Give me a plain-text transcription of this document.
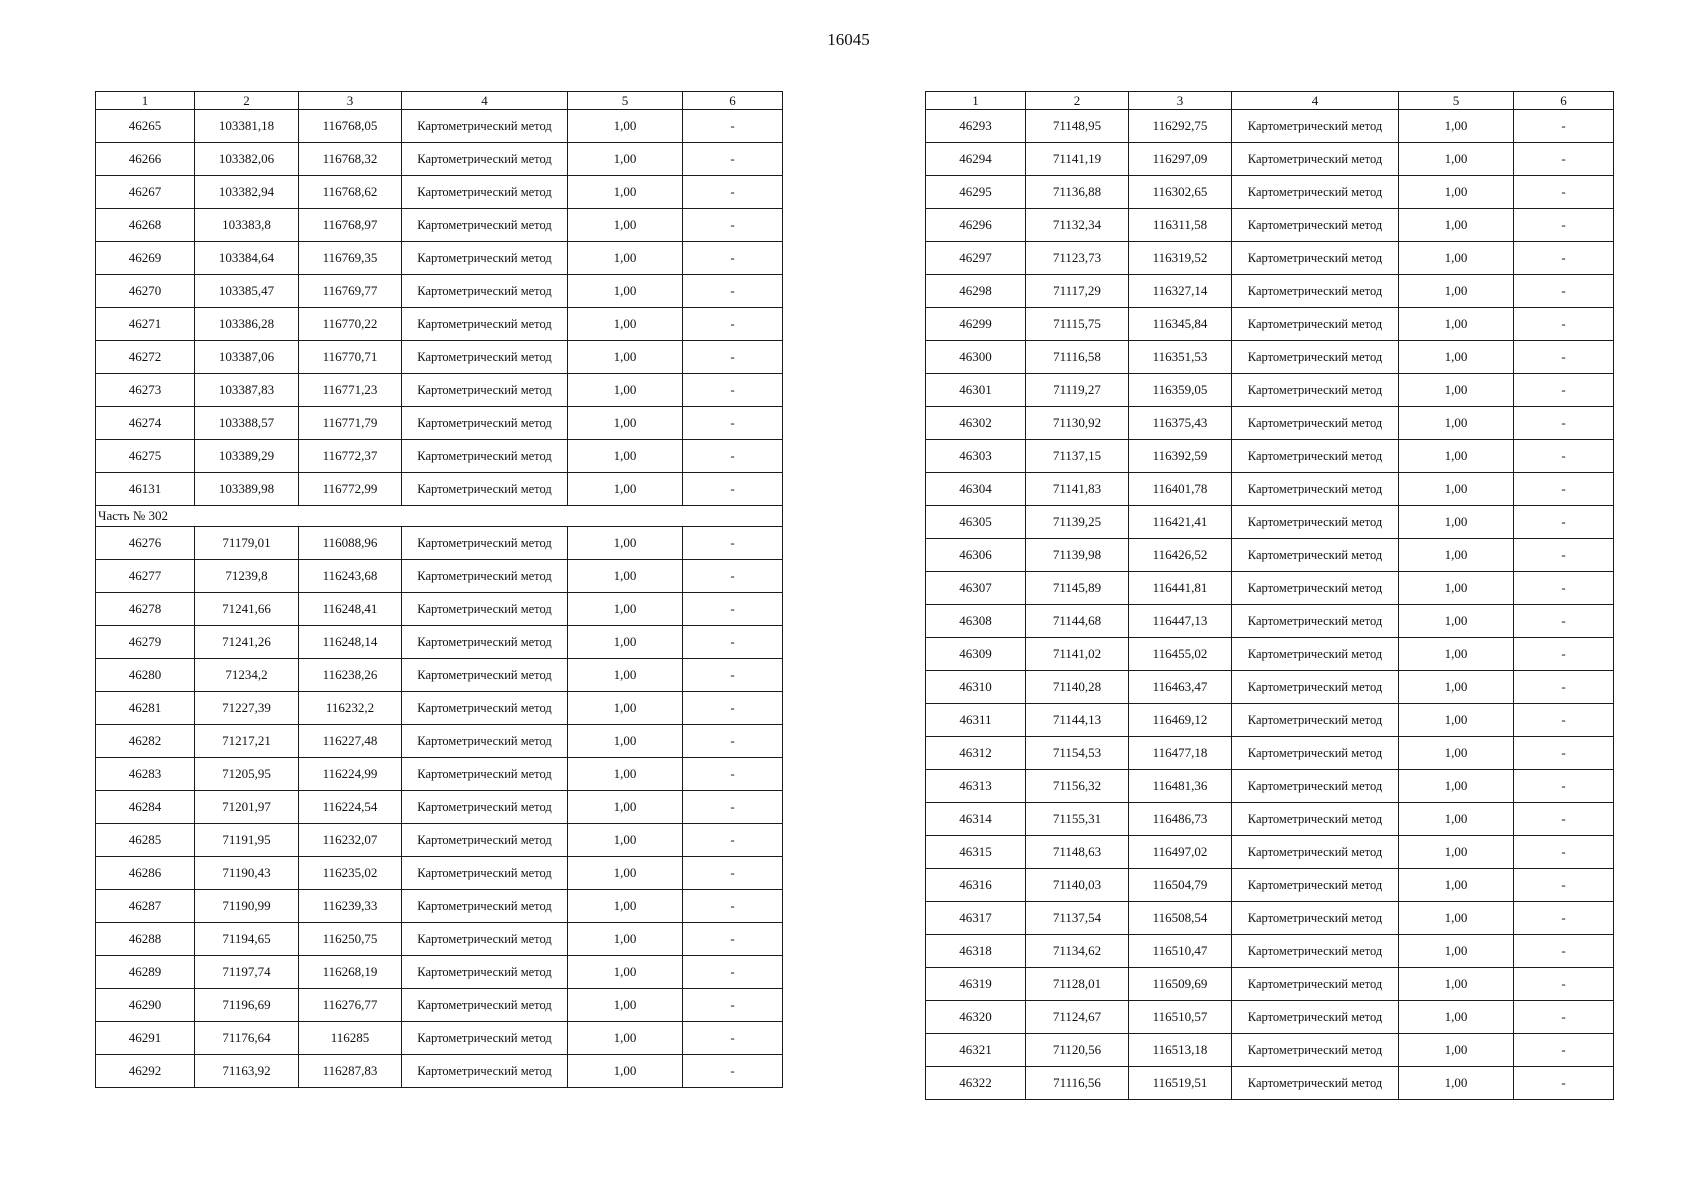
16045
1	2	3	4	5	6
46265	103381,18	116768,05	Картометрический метод	1,00	-
46266	103382,06	116768,32	Картометрический метод	1,00	-
46267	103382,94	116768,62	Картометрический метод	1,00	-
46268	103383,8	116768,97	Картометрический метод	1,00	-
46269	103384,64	116769,35	Картометрический метод	1,00	-
46270	103385,47	116769,77	Картометрический метод	1,00	-
46271	103386,28	116770,22	Картометрический метод	1,00	-
46272	103387,06	116770,71	Картометрический метод	1,00	-
46273	103387,83	116771,23	Картометрический метод	1,00	-
46274	103388,57	116771,79	Картометрический метод	1,00	-
46275	103389,29	116772,37	Картометрический метод	1,00	-
46131	103389,98	116772,99	Картометрический метод	1,00	-
Часть № 302					
46276	71179,01	116088,96	Картометрический метод	1,00	-
46277	71239,8	116243,68	Картометрический метод	1,00	-
46278	71241,66	116248,41	Картометрический метод	1,00	-
46279	71241,26	116248,14	Картометрический метод	1,00	-
46280	71234,2	116238,26	Картометрический метод	1,00	-
46281	71227,39	116232,2	Картометрический метод	1,00	-
46282	71217,21	116227,48	Картометрический метод	1,00	-
46283	71205,95	116224,99	Картометрический метод	1,00	-
46284	71201,97	116224,54	Картометрический метод	1,00	-
46285	71191,95	116232,07	Картометрический метод	1,00	-
46286	71190,43	116235,02	Картометрический метод	1,00	-
46287	71190,99	116239,33	Картометрический метод	1,00	-
46288	71194,65	116250,75	Картометрический метод	1,00	-
46289	71197,74	116268,19	Картометрический метод	1,00	-
46290	71196,69	116276,77	Картометрический метод	1,00	-
46291	71176,64	116285	Картометрический метод	1,00	-
46292	71163,92	116287,83	Картометрический метод	1,00	-
1	2	3	4	5	6
46293	71148,95	116292,75	Картометрический метод	1,00	-
46294	71141,19	116297,09	Картометрический метод	1,00	-
46295	71136,88	116302,65	Картометрический метод	1,00	-
46296	71132,34	116311,58	Картометрический метод	1,00	-
46297	71123,73	116319,52	Картометрический метод	1,00	-
46298	71117,29	116327,14	Картометрический метод	1,00	-
46299	71115,75	116345,84	Картометрический метод	1,00	-
46300	71116,58	116351,53	Картометрический метод	1,00	-
46301	71119,27	116359,05	Картометрический метод	1,00	-
46302	71130,92	116375,43	Картометрический метод	1,00	-
46303	71137,15	116392,59	Картометрический метод	1,00	-
46304	71141,83	116401,78	Картометрический метод	1,00	-
46305	71139,25	116421,41	Картометрический метод	1,00	-
46306	71139,98	116426,52	Картометрический метод	1,00	-
46307	71145,89	116441,81	Картометрический метод	1,00	-
46308	71144,68	116447,13	Картометрический метод	1,00	-
46309	71141,02	116455,02	Картометрический метод	1,00	-
46310	71140,28	116463,47	Картометрический метод	1,00	-
46311	71144,13	116469,12	Картометрический метод	1,00	-
46312	71154,53	116477,18	Картометрический метод	1,00	-
46313	71156,32	116481,36	Картометрический метод	1,00	-
46314	71155,31	116486,73	Картометрический метод	1,00	-
46315	71148,63	116497,02	Картометрический метод	1,00	-
46316	71140,03	116504,79	Картометрический метод	1,00	-
46317	71137,54	116508,54	Картометрический метод	1,00	-
46318	71134,62	116510,47	Картометрический метод	1,00	-
46319	71128,01	116509,69	Картометрический метод	1,00	-
46320	71124,67	116510,57	Картометрический метод	1,00	-
46321	71120,56	116513,18	Картометрический метод	1,00	-
46322	71116,56	116519,51	Картометрический метод	1,00	-
